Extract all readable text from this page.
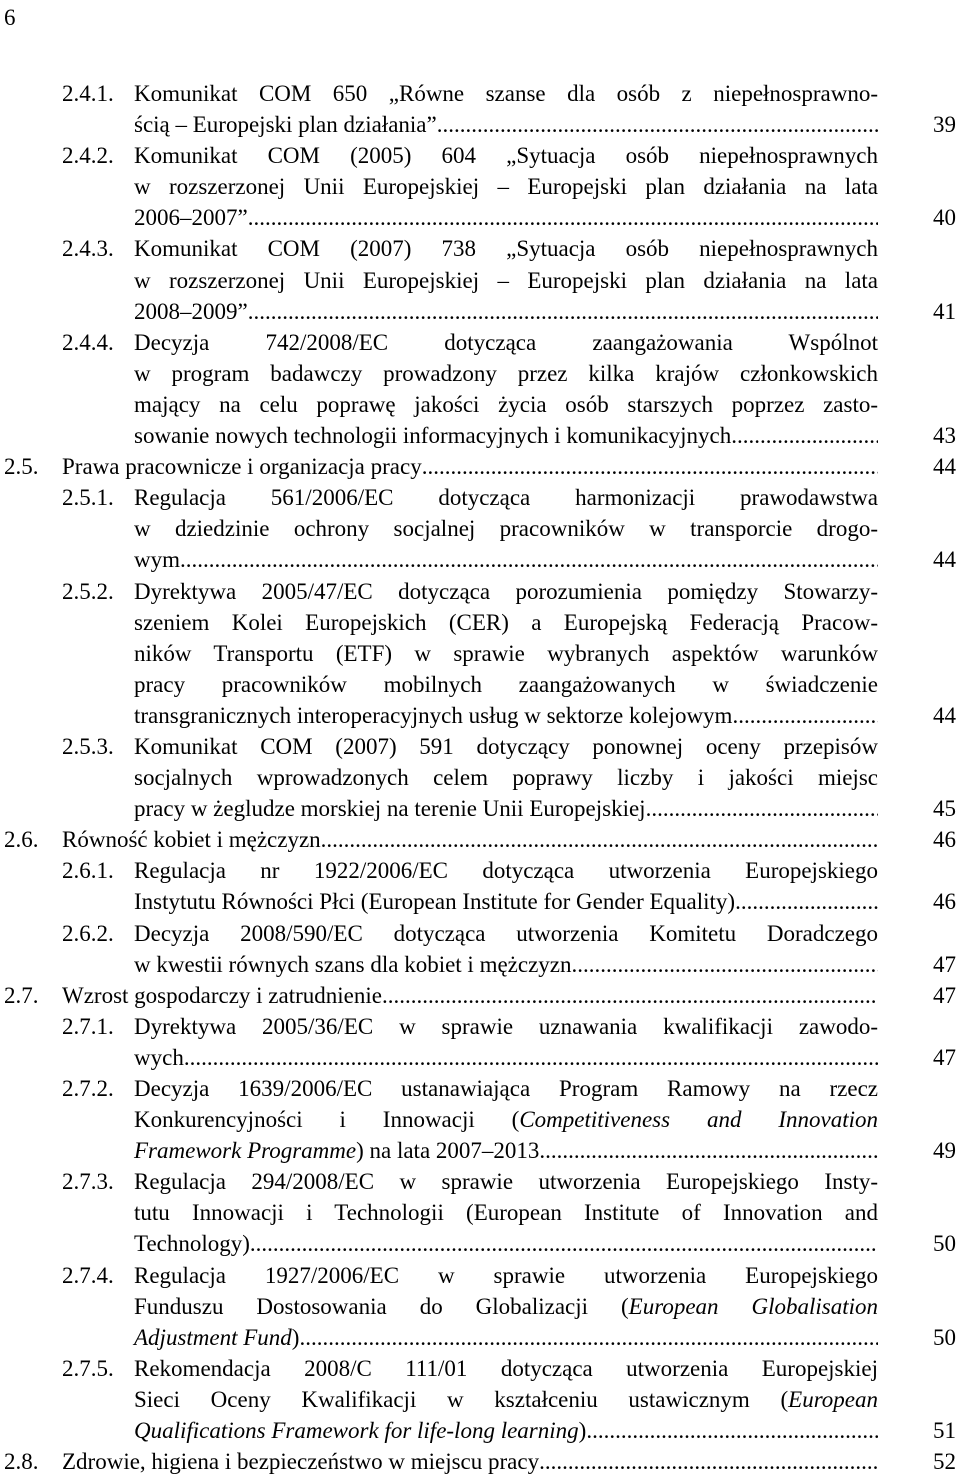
6
2.4.1. Komunikat COM 650 „Równe szanse dla osób z niepełnosprawno-
ścią – Europejski plan działania” .....	39
2.4.2. Komunikat COM (2005) 604 „Sytuacja osób niepełnosprawnych
w rozszerzonej Unii Europejskiej – Europejski plan działania na lata
2006–2007” .....	40
2.4.3. Komunikat COM (2007) 738 „Sytuacja osób niepełnosprawnych
w rozszerzonej Unii Europejskiej – Europejski plan działania na lata
2008–2009” .....	41
2.4.4. Decyzja 742/2008/EC dotycząca zaangażowania Wspólnot
w program badawczy prowadzony przez kilka krajów członkowskich
mający na celu poprawę jakości życia osób starszych poprzez zasto-
sowanie nowych technologii informacyjnych i komunikacyjnych .....	43
2.5. Prawa pracownicze i organizacja pracy .....	44
2.5.1. Regulacja 561/2006/EC dotycząca harmonizacji prawodawstwa
w dziedzinie ochrony socjalnej pracowników w transporcie drogo-
wym .....	44
2.5.2. Dyrektywa 2005/47/EC dotycząca porozumienia pomiędzy Stowarzy-
szeniem Kolei Europejskich (CER) a Europejską Federacją Pracow-
ników Transportu (ETF) w sprawie wybranych aspektów warunków
pracy pracowników mobilnych zaangażowanych w świadczenie
transgranicznych interoperacyjnych usług w sektorze kolejowym .....	44
2.5.3. Komunikat COM (2007) 591 dotyczący ponownej oceny przepisów
socjalnych wprowadzonych celem poprawy liczby i jakości miejsc
pracy w żegludze morskiej na terenie Unii Europejskiej .....	45
2.6. Równość kobiet i mężczyzn .....	46
2.6.1. Regulacja nr 1922/2006/EC dotycząca utworzenia Europejskiego
Instytutu Równości Płci (European Institute for Gender Equality) .....	46
2.6.2. Decyzja 2008/590/EC dotycząca utworzenia Komitetu Doradczego
w kwestii równych szans dla kobiet i mężczyzn .....	47
2.7. Wzrost gospodarczy i zatrudnienie .....	47
2.7.1. Dyrektywa 2005/36/EC w sprawie uznawania kwalifikacji zawodo-
wych .....	47
2.7.2. Decyzja 1639/2006/EC ustanawiająca Program Ramowy na rzecz
Konkurencyjności i Innowacji (Competitiveness and Innovation
Framework Programme) na lata 2007–2013 .....	49
2.7.3. Regulacja 294/2008/EC w sprawie utworzenia Europejskiego Insty-
tutu Innowacji i Technologii (European Institute of Innovation and
Technology) .....	50
2.7.4. Regulacja 1927/2006/EC w sprawie utworzenia Europejskiego
Funduszu Dostosowania do Globalizacji (European Globalisation
Adjustment Fund) .....	50
2.7.5. Rekomendacja 2008/C 111/01 dotycząca utworzenia Europejskiej
Sieci Oceny Kwalifikacji w kształceniu ustawicznym (European
Qualifications Framework for life-long learning) .....	51
2.8. Zdrowie, higiena i bezpieczeństwo w miejscu pracy .....	52
